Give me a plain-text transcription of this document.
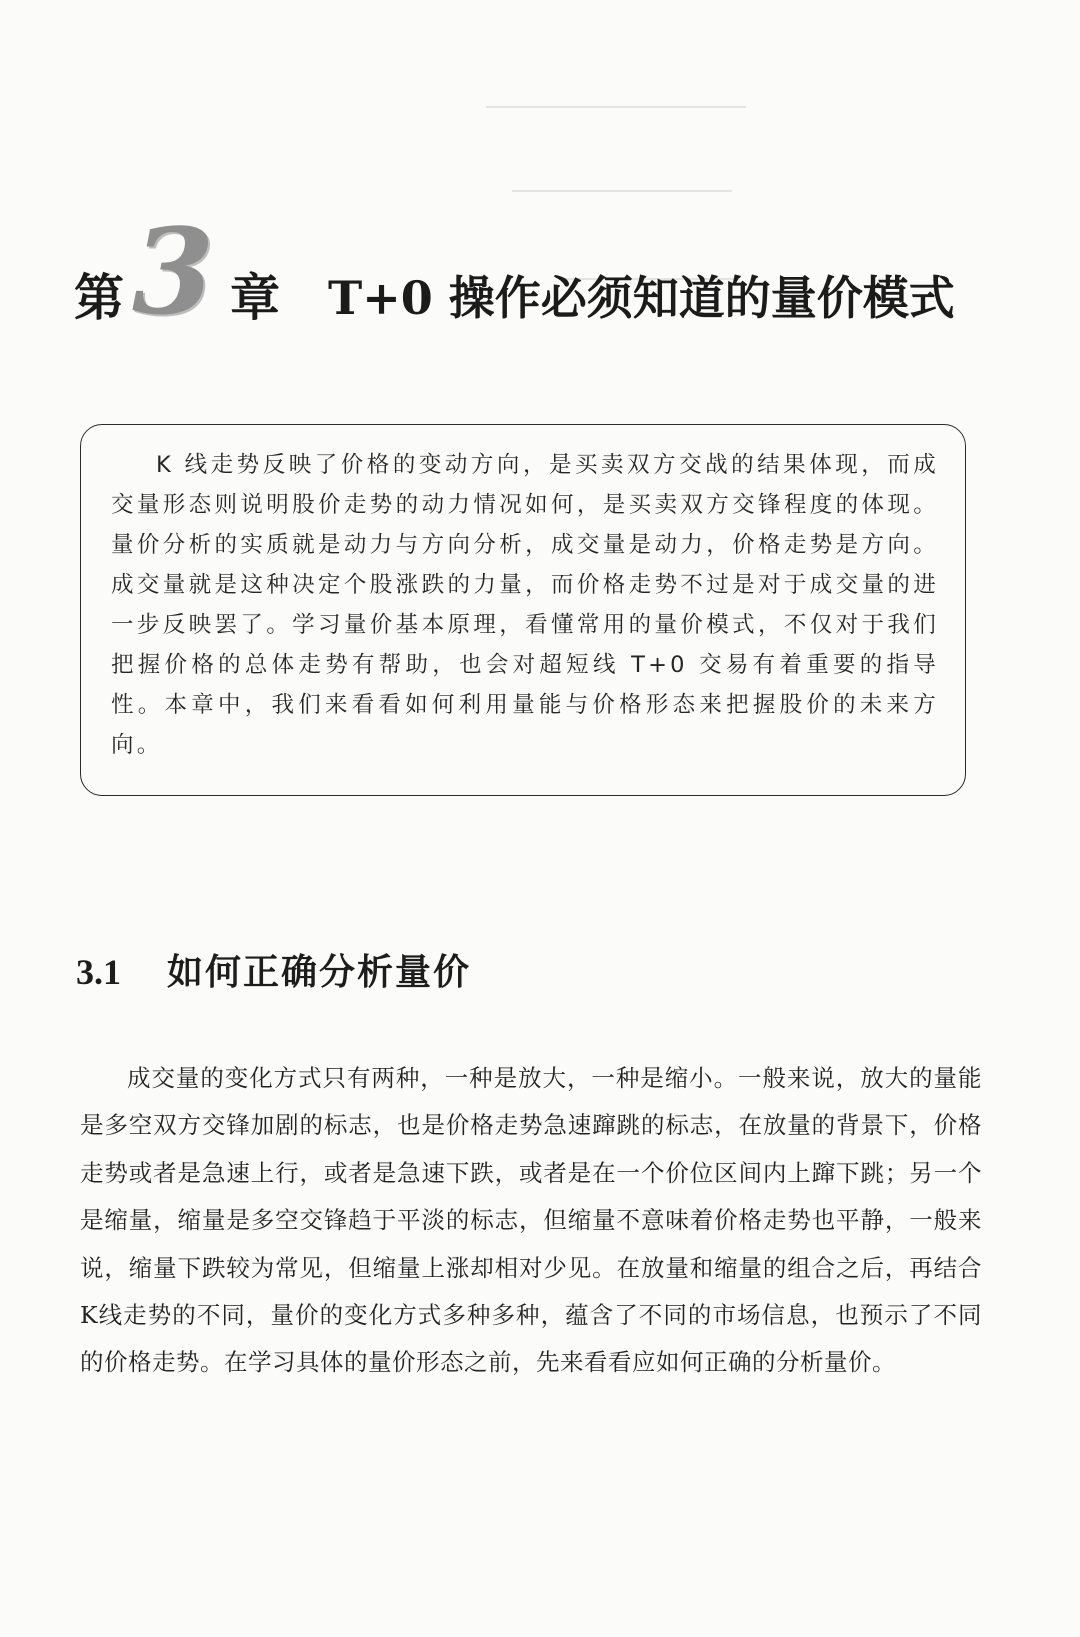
第 3 章 T+0 操作必须知道的量价模式

K 线走势反映了价格的变动方向，是买卖双方交战的结果体现，而成交量形态则说明股价走势的动力情况如何，是买卖双方交锋程度的体现。量价分析的实质就是动力与方向分析，成交量是动力，价格走势是方向。成交量就是这种决定个股涨跌的力量，而价格走势不过是对于成交量的进一步反映罢了。学习量价基本原理，看懂常用的量价模式，不仅对于我们把握价格的总体走势有帮助，也会对超短线 T+0 交易有着重要的指导性。本章中，我们来看看如何利用量能与价格形态来把握股价的未来方向。

3.1 如何正确分析量价

成交量的变化方式只有两种，一种是放大，一种是缩小。一般来说，放大的量能是多空双方交锋加剧的标志，也是价格走势急速蹿跳的标志，在放量的背景下，价格走势或者是急速上行，或者是急速下跌，或者是在一个价位区间内上蹿下跳；另一个是缩量，缩量是多空交锋趋于平淡的标志，但缩量不意味着价格走势也平静，一般来说，缩量下跌较为常见，但缩量上涨却相对少见。在放量和缩量的组合之后，再结合K线走势的不同，量价的变化方式多种多种，蕴含了不同的市场信息，也预示了不同的价格走势。在学习具体的量价形态之前，先来看看应如何正确的分析量价。
